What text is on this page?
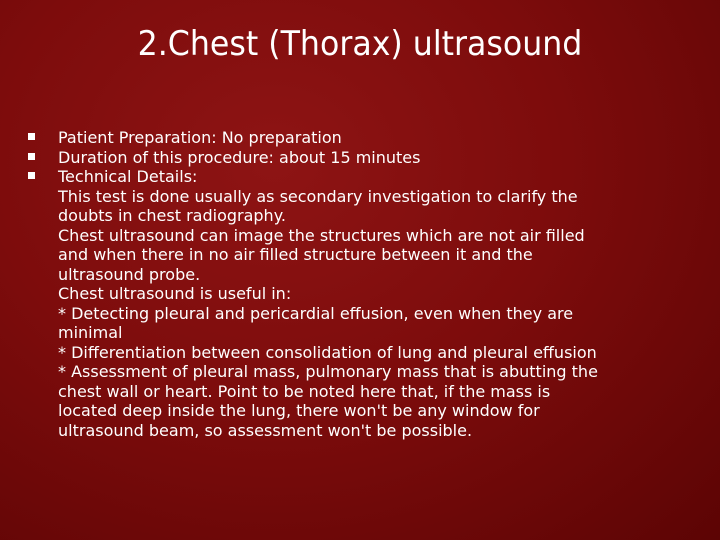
2.Chest (Thorax) ultrasound
Patient Preparation: No preparation
Duration of this procedure: about 15 minutes
Technical Details:
This test is done usually as secondary investigation to clarify the
doubts in chest radiography.
Chest ultrasound can image the structures which are not air filled
and when there in no air filled structure between it and the
ultrasound probe.
Chest ultrasound is useful in:
* Detecting pleural and pericardial effusion, even when they are
minimal
* Differentiation between consolidation of lung and pleural effusion
* Assessment of pleural mass, pulmonary mass that is abutting the
chest wall or heart. Point to be noted here that, if the mass is
located deep inside the lung, there won't be any window for
ultrasound beam, so assessment won't be possible.
